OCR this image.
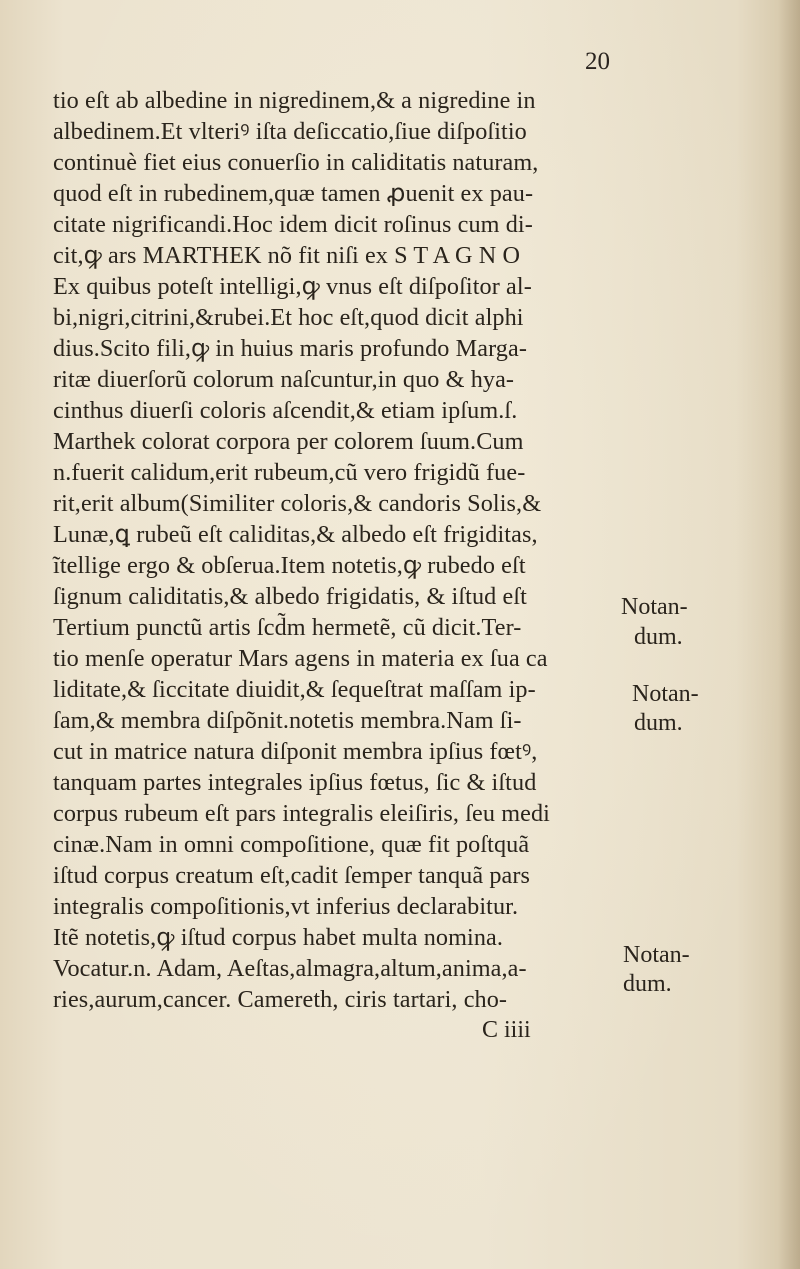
20
tio eſt ab albedine in nigredinem,& a nigredine in
albedinem.Et vlteriꝰ iſta deſiccatio,ſiue diſpoſitio
continuè fiet eius conuerſio in caliditatis naturam,
quod eſt in rubedinem,quæ tamen ꝓuenit ex pau-
citate nigrificandi.Hoc idem dicit roſinus cum di-
cit,ꝙ ars MARTHEK nõ fit niſi ex S T A G N O
Ex quibus poteſt intelligi,ꝙ vnus eſt diſpoſitor al-
bi,nigri,citrini,&rubei.Et hoc eſt,quod dicit alphi
dius.Scito fili,ꝙ in huius maris profundo Marga-
ritæ diuerſorũ colorum naſcuntur,in quo & hya-
cinthus diuerſi coloris aſcendit,& etiam ipſum.ſ.
Marthek colorat corpora per colorem ſuum.Cum
n.fuerit calidum,erit rubeum,cũ vero frigidũ fue-
rit,erit album(Similiter coloris,& candoris Solis,&
Lunæ,ꝗ rubeũ eſt caliditas,& albedo eſt frigiditas,
ĩtellige ergo & obſerua.Item notetis,ꝙ rubedo eſt
ſignum caliditatis,& albedo frigidatis, & iſtud eſt
Tertium punctũ artis ſcd̃m hermetẽ, cũ dicit.Ter-
tio menſe operatur Mars agens in materia ex ſua ca
liditate,& ſiccitate diuidit,& ſequeſtrat maſſam ip-
ſam,& membra diſpõnit.notetis membra.Nam ſi-
cut in matrice natura diſponit membra ipſius fœtꝰ,
tanquam partes integrales ipſius fœtus, ſic & iſtud
corpus rubeum eſt pars integralis eleiſiris, ſeu medi
cinæ.Nam in omni compoſitione, quæ fit poſtquã
iſtud corpus creatum eſt,cadit ſemper tanquã pars
integralis compoſitionis,vt inferius declarabitur.
Itẽ notetis,ꝙ iſtud corpus habet multa nomina.
Vocatur.n. Adam, Aeſtas,almagra,altum,anima,a-
ries,aurum,cancer. Camereth, ciris tartari, cho-
Notan-
dum.
Notan-
dum.
Notan-
dum.
C iiii
